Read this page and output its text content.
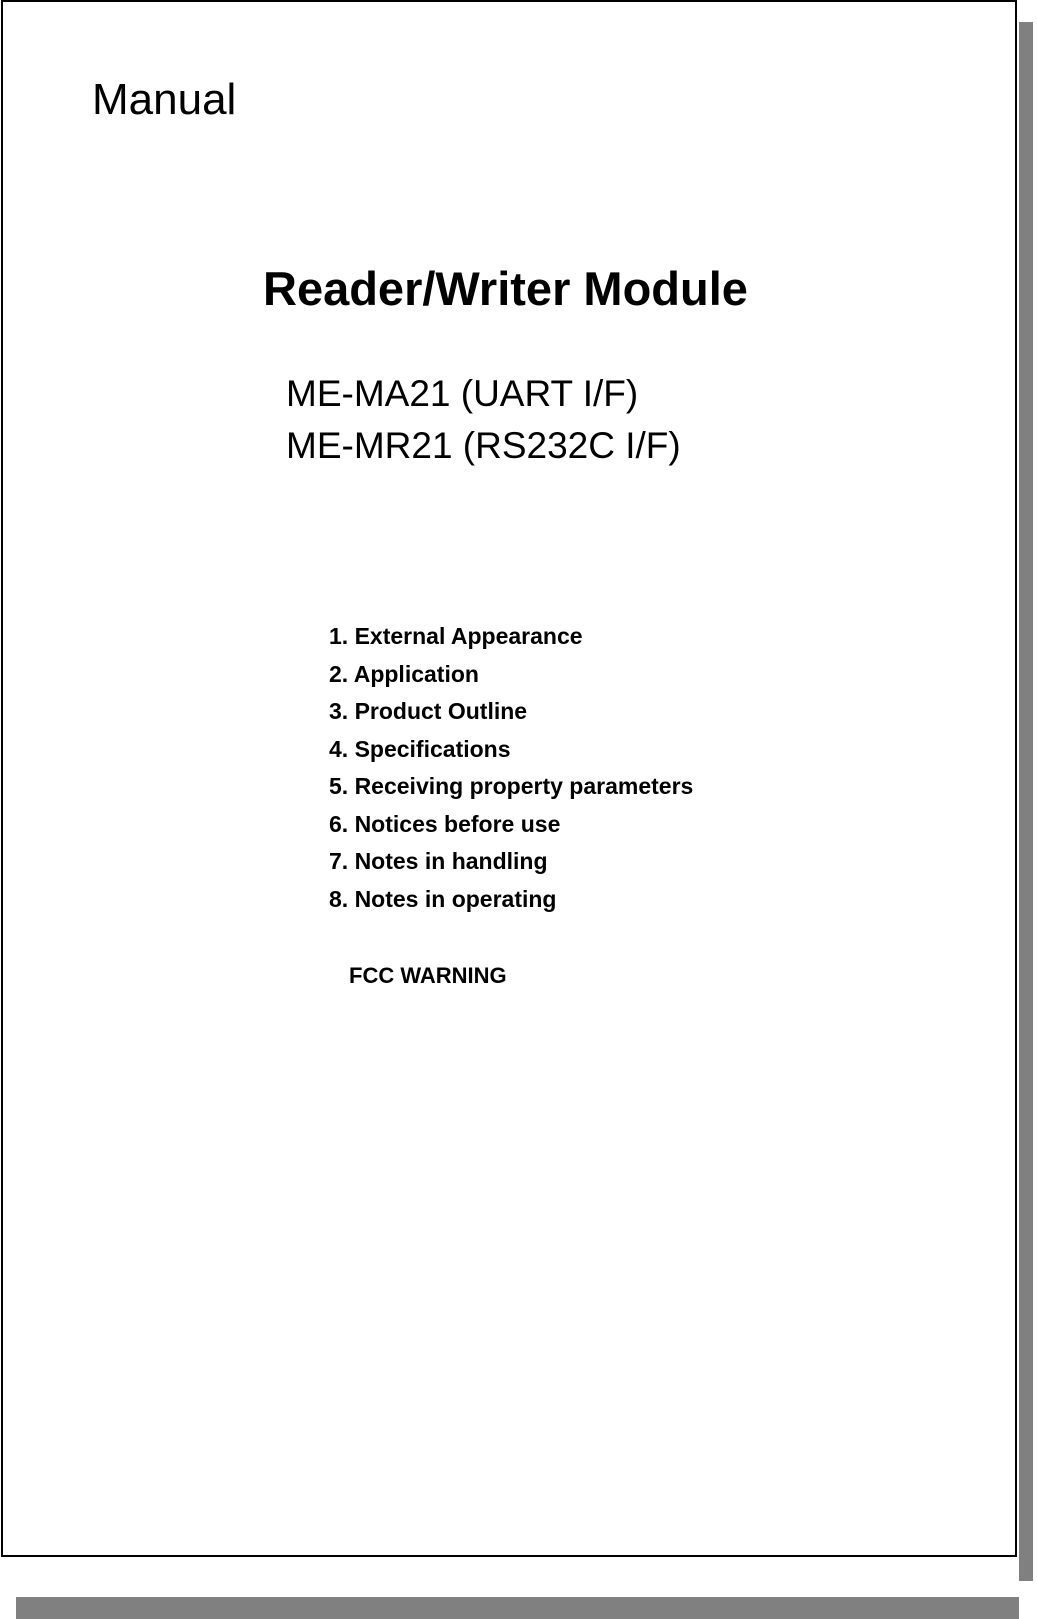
Manual
Reader/Writer Module
ME-MA21 (UART I/F)
ME-MR21 (RS232C I/F)
1. External Appearance
2. Application
3. Product Outline
4. Specifications
5. Receiving property parameters
6. Notices before use
7. Notes in handling
8. Notes in operating
FCC WARNING
